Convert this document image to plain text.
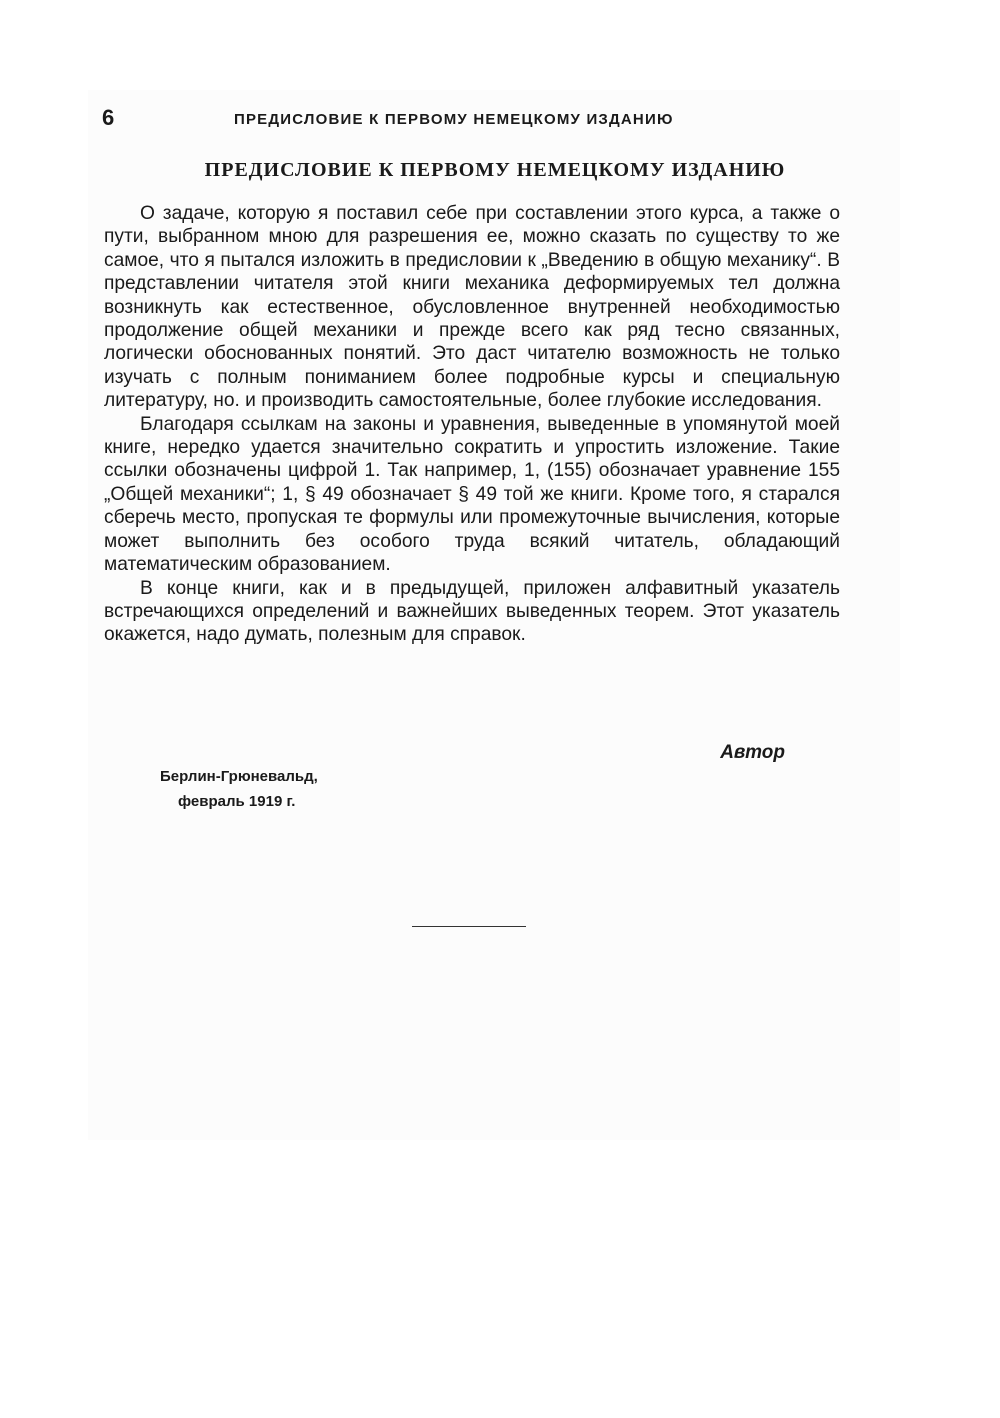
6	ПРЕДИСЛОВИЕ К ПЕРВОМУ НЕМЕЦКОМУ ИЗДАНИЮ
ПРЕДИСЛОВИЕ К ПЕРВОМУ НЕМЕЦКОМУ ИЗДАНИЮ

О задаче, которую я поставил себе при составлении этого курса, а также о пути, выбранном мною для разрешения ее, можно сказать по существу то же самое, что я пытался изложить в предисловии к „Введению в общую механику“. В представлении читателя этой книги механика деформируемых тел должна возникнуть как естественное, обусловленное внутренней необходимостью продолжение общей механики и прежде всего как ряд тесно связанных, логически обоснованных понятий. Это даст читателю возможность не только изучать с полным пониманием более подробные курсы и специальную литературу, но. и производить самостоятельные, более глубокие исследования.

Благодаря ссылкам на законы и уравнения, выведенные в упомянутой моей книге, нередко удается значительно сократить и упростить изложение. Такие ссылки обозначены цифрой 1. Так например, 1, (155) обозначает уравнение 155 „Общей механики“; 1, § 49 обозначает § 49 той же книги. Кроме того, я старался сберечь место, пропуская те формулы или промежуточные вычисления, которые может выполнить без особого труда всякий читатель, обладающий математическим образованием.

В конце книги, как и в предыдущей, приложен алфавитный указатель встречающихся определений и важнейших выведенных теорем. Этот указатель окажется, надо думать, полезным для справок.

Автор
Берлин-Грюневальд,
февраль 1919 г.
